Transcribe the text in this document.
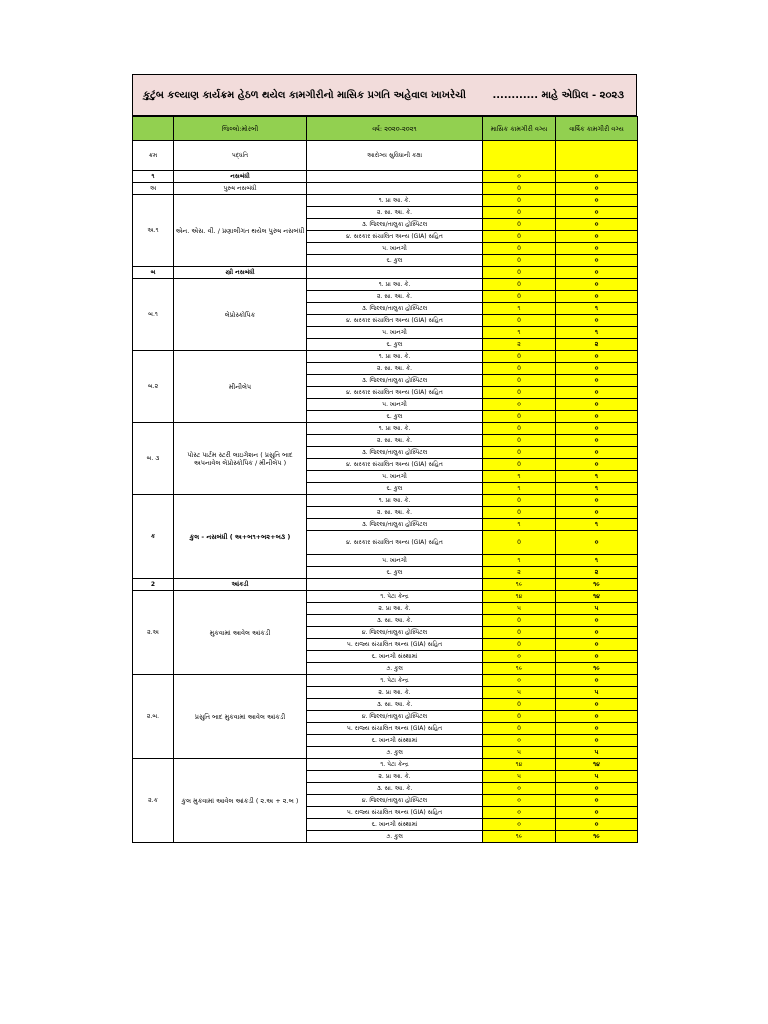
કુટુંબ કલ્યાણ કાર્યક્રમ હેઠળ થયેલ કામગીરીનો માસિક પ્રગતિ અહેવાલ ખાખરેચી	............ માહે એપ્રિલ - ૨૦૨૩
	જિલ્લો:મોરબી	વર્ષ: ૨૦૨૦-૨૦૨૧	માસિક કામગીરી વગ્ય	વાર્ષિક કામગીરી વગ્ય
ક્રમ	પદ્ધતિ	આરોગ્ય સુવિધાની કક્ષા		
૧	નસબંધી		૦	૦
અ	પુરુષ નસબંધી		0	૦
અ.૧	એન. એસ. વી. / પ્રણાલીગત થયેલ પુરુષ નસબંધી	૧. પ્રા આ. કે.	0	૦
		૨. સા. આ. કે.	0	૦
		૩. જિલ્લા/તાલુકા હોસ્પિટલ	0	૦
		૪. સરકાર સંચાલિત અન્ય (GIA) સહિત	0	૦
		૫. ખાનગી	0	૦
		૬. કુલ	0	૦
બ	સ્ત્રી નસબંધી		0	૦
બ.૧	લેપ્રોસ્કોપિક	૧. પ્રા આ. કે.	0	૦
		૨. સા. આ. કે.	0	૦
		૩. જિલ્લા/તાલુકા હોસ્પિટલ	૧	૧
		૪. સરકાર સંચાલિત અન્ય (GIA) સહિત	0	૦
		૫. ખાનગી	૧	૧
		૬. કુલ	૨	૨
બ.૨	મીનીલેપ	૧. પ્રા આ. કે.	0	૦
		૨. સા. આ. કે.	0	૦
		૩. જિલ્લા/તાલુકા હોસ્પિટલ	0	૦
		૪. સરકાર સંચાલિત અન્ય (GIA) સહિત	0	૦
		૫. ખાનગી	૦	૦
		૬. કુલ	0	૦
બ. ૩	પોસ્ટ પાર્ટમ સ્ટરી લાઇગેશન ( પ્રસુતિ બાદ અપનાવેલ લેપ્રોસ્કોપિક / મીનીલેપ )	૧. પ્રા આ. કે.	0	૦
		૨. સા. આ. કે.	0	૦
		૩. જિલ્લા/તાલુકા હોસ્પિટલ	0	૦
		૪. સરકાર સંચાલિત અન્ય (GIA) સહિત	0	૦
		૫. ખાનગી	૧	૧
		૬. કુલ	૧	૧
ક	કુલ - નસબંધી ( અ+બ૧+બ૨+બ૩ )	૧. પ્રા આ. કે.	0	૦
		૨. સા. આ. કે.	0	૦
		૩. જિલ્લા/તાલુકા હોસ્પિટલ	૧	૧
		૪. સરકાર સંચાલિત અન્ય (GIA) સહિત	0	૦
		૫. ખાનગી	૧	૧
		૬. કુલ	૨	૨
2	આંકડી		૧૯	૧૯
૨.અ	મુકવામાં આવેલ આંકડી	૧. પેટા કેન્દ્ર	૧૪	૧૪
		૨. પ્રા આ. કે.	૫	૫
		૩. સા. આ. કે.	0	૦
		૪. જિલ્લા/તાલુકા હોસ્પિટલ	0	૦
		૫. રાજ્ય સંચાલિત અન્ય (GIA) સહિત	0	૦
		૬. ખાનગી સંસ્થામાં	૦	૦
		૭. કુલ	૧૯	૧૯
૨.બ.	પ્રસુતિ બાદ મુકવામાં આવેલ આંકડી	૧. પેટા કેન્દ્ર	૦	૦
		૨. પ્રા આ. કે.	૫	૫
		૩. સા. આ. કે.	0	૦
		૪. જિલ્લા/તાલુકા હોસ્પિટલ	0	૦
		૫. રાજ્ય સંચાલિત અન્ય (GIA) સહિત	0	૦
		૬. ખાનગી સંસ્થામાં	૦	૦
		૭. કુલ	૫	૫
૨.ક	કુલ મુકવામાં આવેલ આંકડી ( ૨.અ + ૨.બ )	૧. પેટા કેન્દ્ર	૧૪	૧૪
		૨. પ્રા આ. કે.	૫	૫
		૩. સા. આ. કે.	૦	૦
		૪. જિલ્લા/તાલુકા હોસ્પિટલ	૦	૦
		૫. રાજ્ય સંચાલિત અન્ય (GIA) સહિત	૦	૦
		૬. ખાનગી સંસ્થામાં	૦	૦
		૭. કુલ	૧૯	૧૯
